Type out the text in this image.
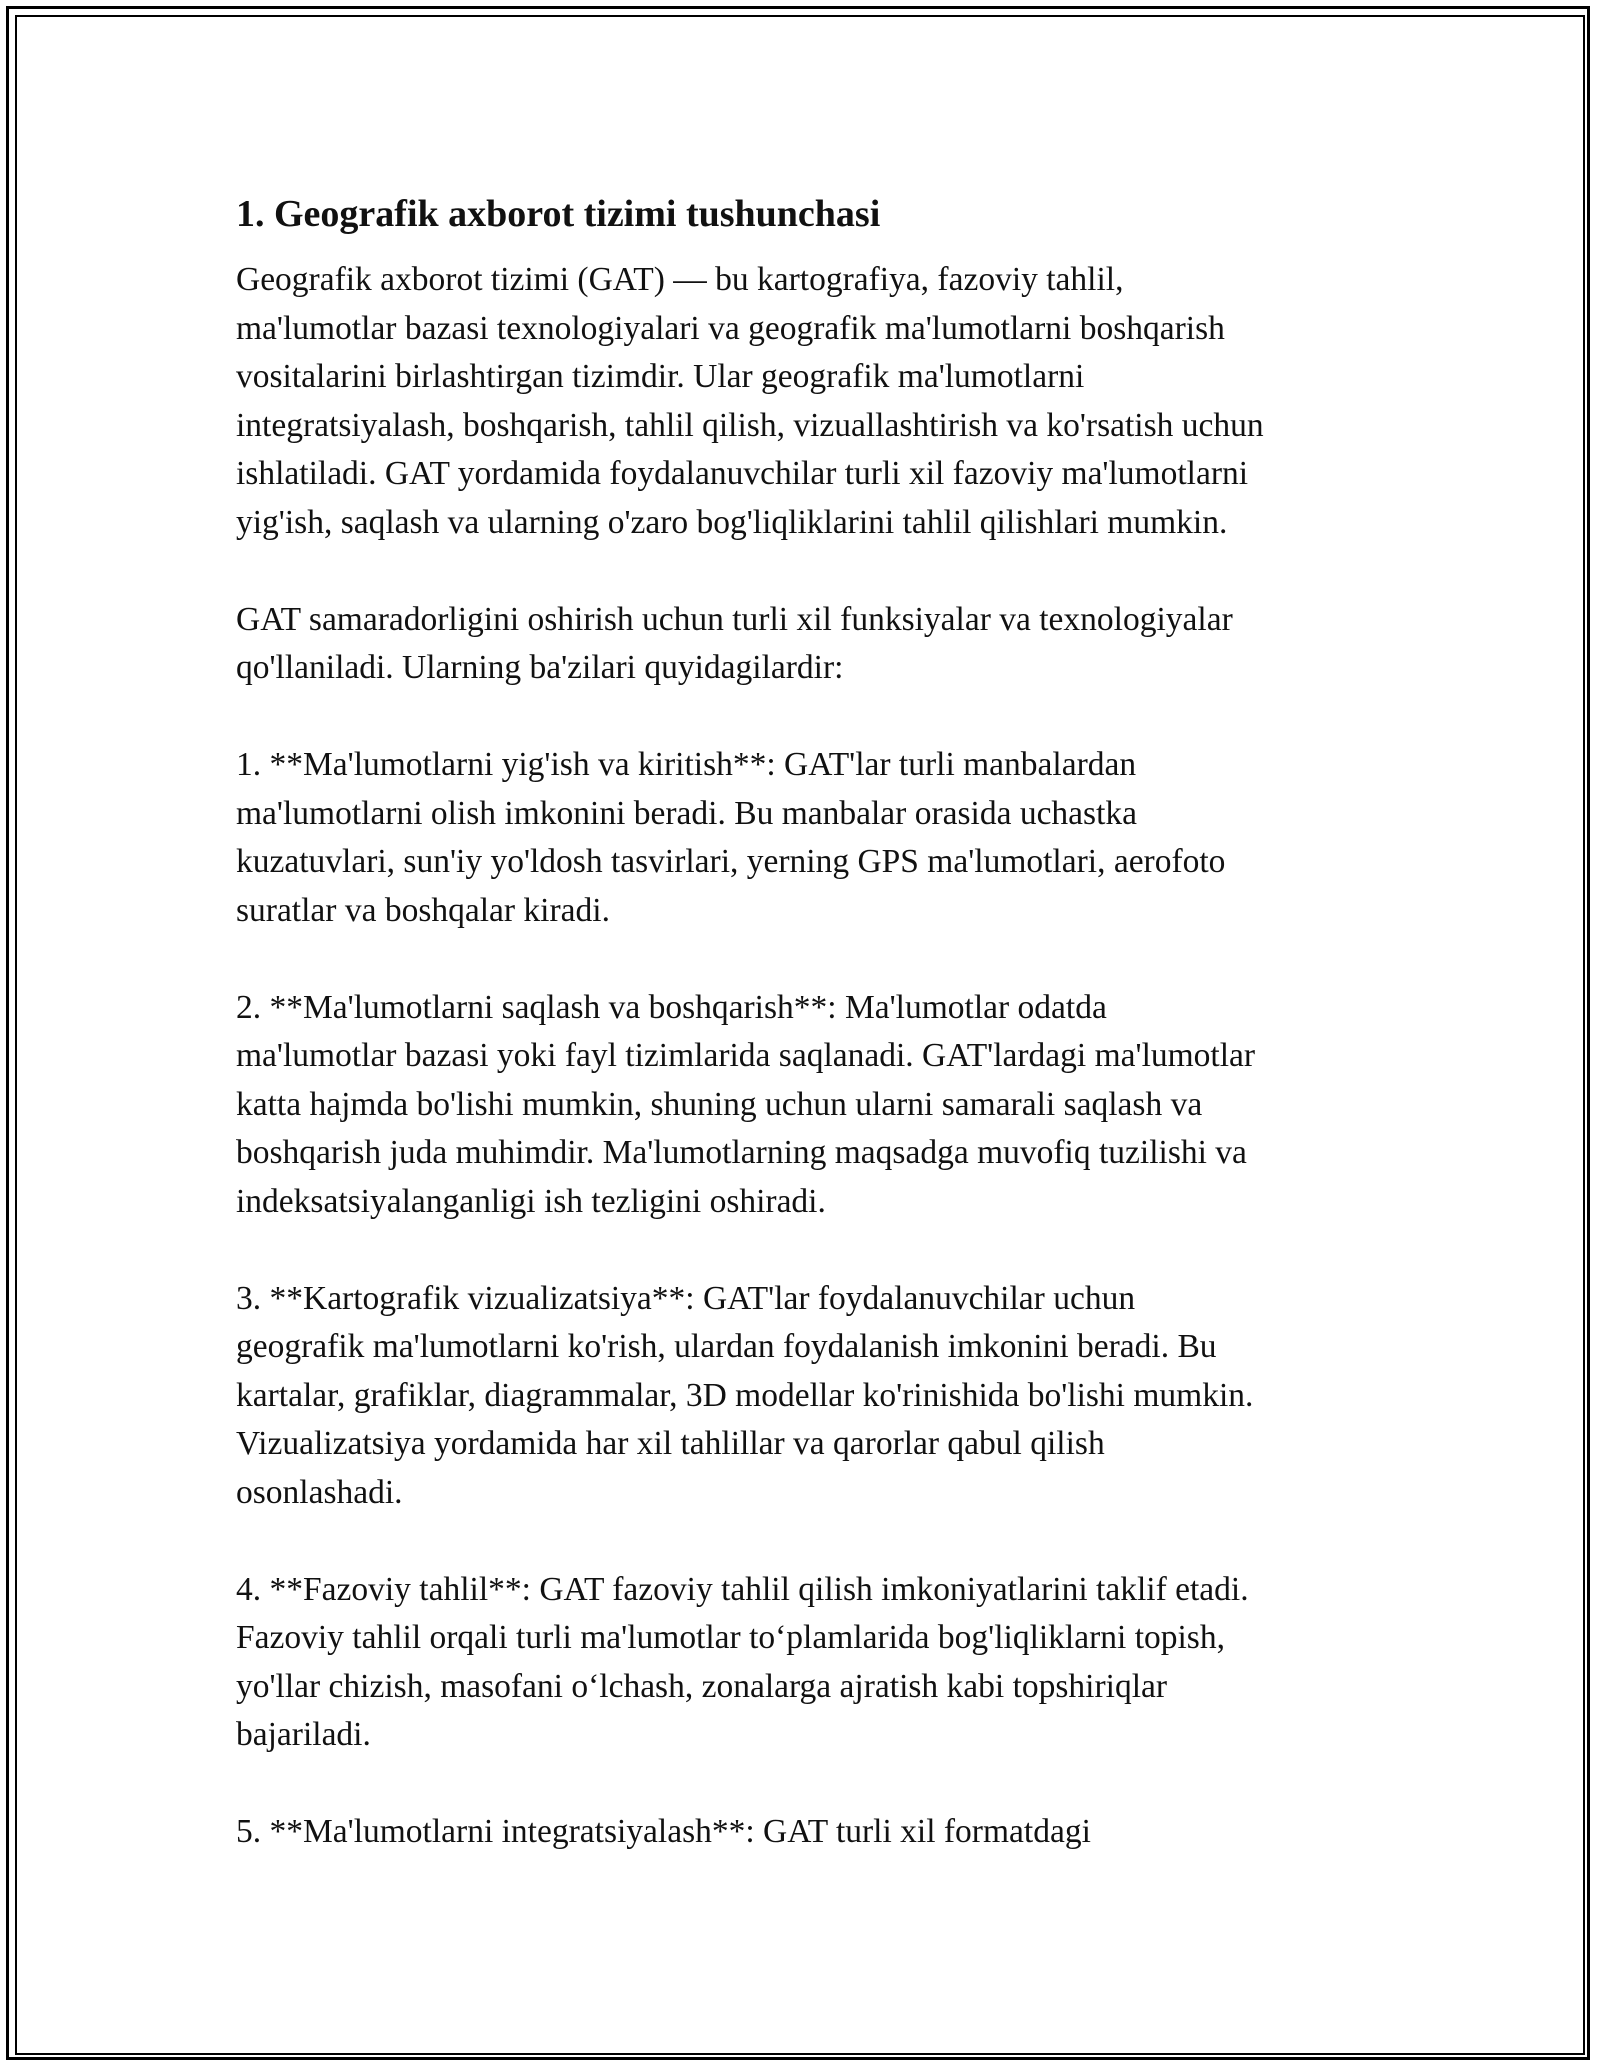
1. Geografik axborot tizimi tushunchasi
Geografik axborot tizimi (GAT) — bu kartografiya, fazoviy tahlil,
ma'lumotlar bazasi texnologiyalari va geografik ma'lumotlarni boshqarish
vositalarini birlashtirgan tizimdir. Ular geografik ma'lumotlarni
integratsiyalash, boshqarish, tahlil qilish, vizuallashtirish va ko'rsatish uchun
ishlatiladi. GAT yordamida foydalanuvchilar turli xil fazoviy ma'lumotlarni
yig'ish, saqlash va ularning o'zaro bog'liqliklarini tahlil qilishlari mumkin.
GAT samaradorligini oshirish uchun turli xil funksiyalar va texnologiyalar
qo'llaniladi. Ularning ba'zilari quyidagilardir:
1. **Ma'lumotlarni yig'ish va kiritish**: GAT'lar turli manbalardan
ma'lumotlarni olish imkonini beradi. Bu manbalar orasida uchastka
kuzatuvlari, sun'iy yo'ldosh tasvirlari, yerning GPS ma'lumotlari, aerofoto
suratlar va boshqalar kiradi.
2. **Ma'lumotlarni saqlash va boshqarish**: Ma'lumotlar odatda
ma'lumotlar bazasi yoki fayl tizimlarida saqlanadi. GAT'lardagi ma'lumotlar
katta hajmda bo'lishi mumkin, shuning uchun ularni samarali saqlash va
boshqarish juda muhimdir. Ma'lumotlarning maqsadga muvofiq tuzilishi va
indeksatsiyalanganligi ish tezligini oshiradi.
3. **Kartografik vizualizatsiya**: GAT'lar foydalanuvchilar uchun
geografik ma'lumotlarni ko'rish, ulardan foydalanish imkonini beradi. Bu
kartalar, grafiklar, diagrammalar, 3D modellar ko'rinishida bo'lishi mumkin.
Vizualizatsiya yordamida har xil tahlillar va qarorlar qabul qilish
osonlashadi.
4. **Fazoviy tahlil**: GAT fazoviy tahlil qilish imkoniyatlarini taklif etadi.
Fazoviy tahlil orqali turli ma'lumotlar to‘plamlarida bog'liqliklarni topish,
yo'llar chizish, masofani o‘lchash, zonalarga ajratish kabi topshiriqlar
bajariladi.
5. **Ma'lumotlarni integratsiyalash**: GAT turli xil formatdagi
